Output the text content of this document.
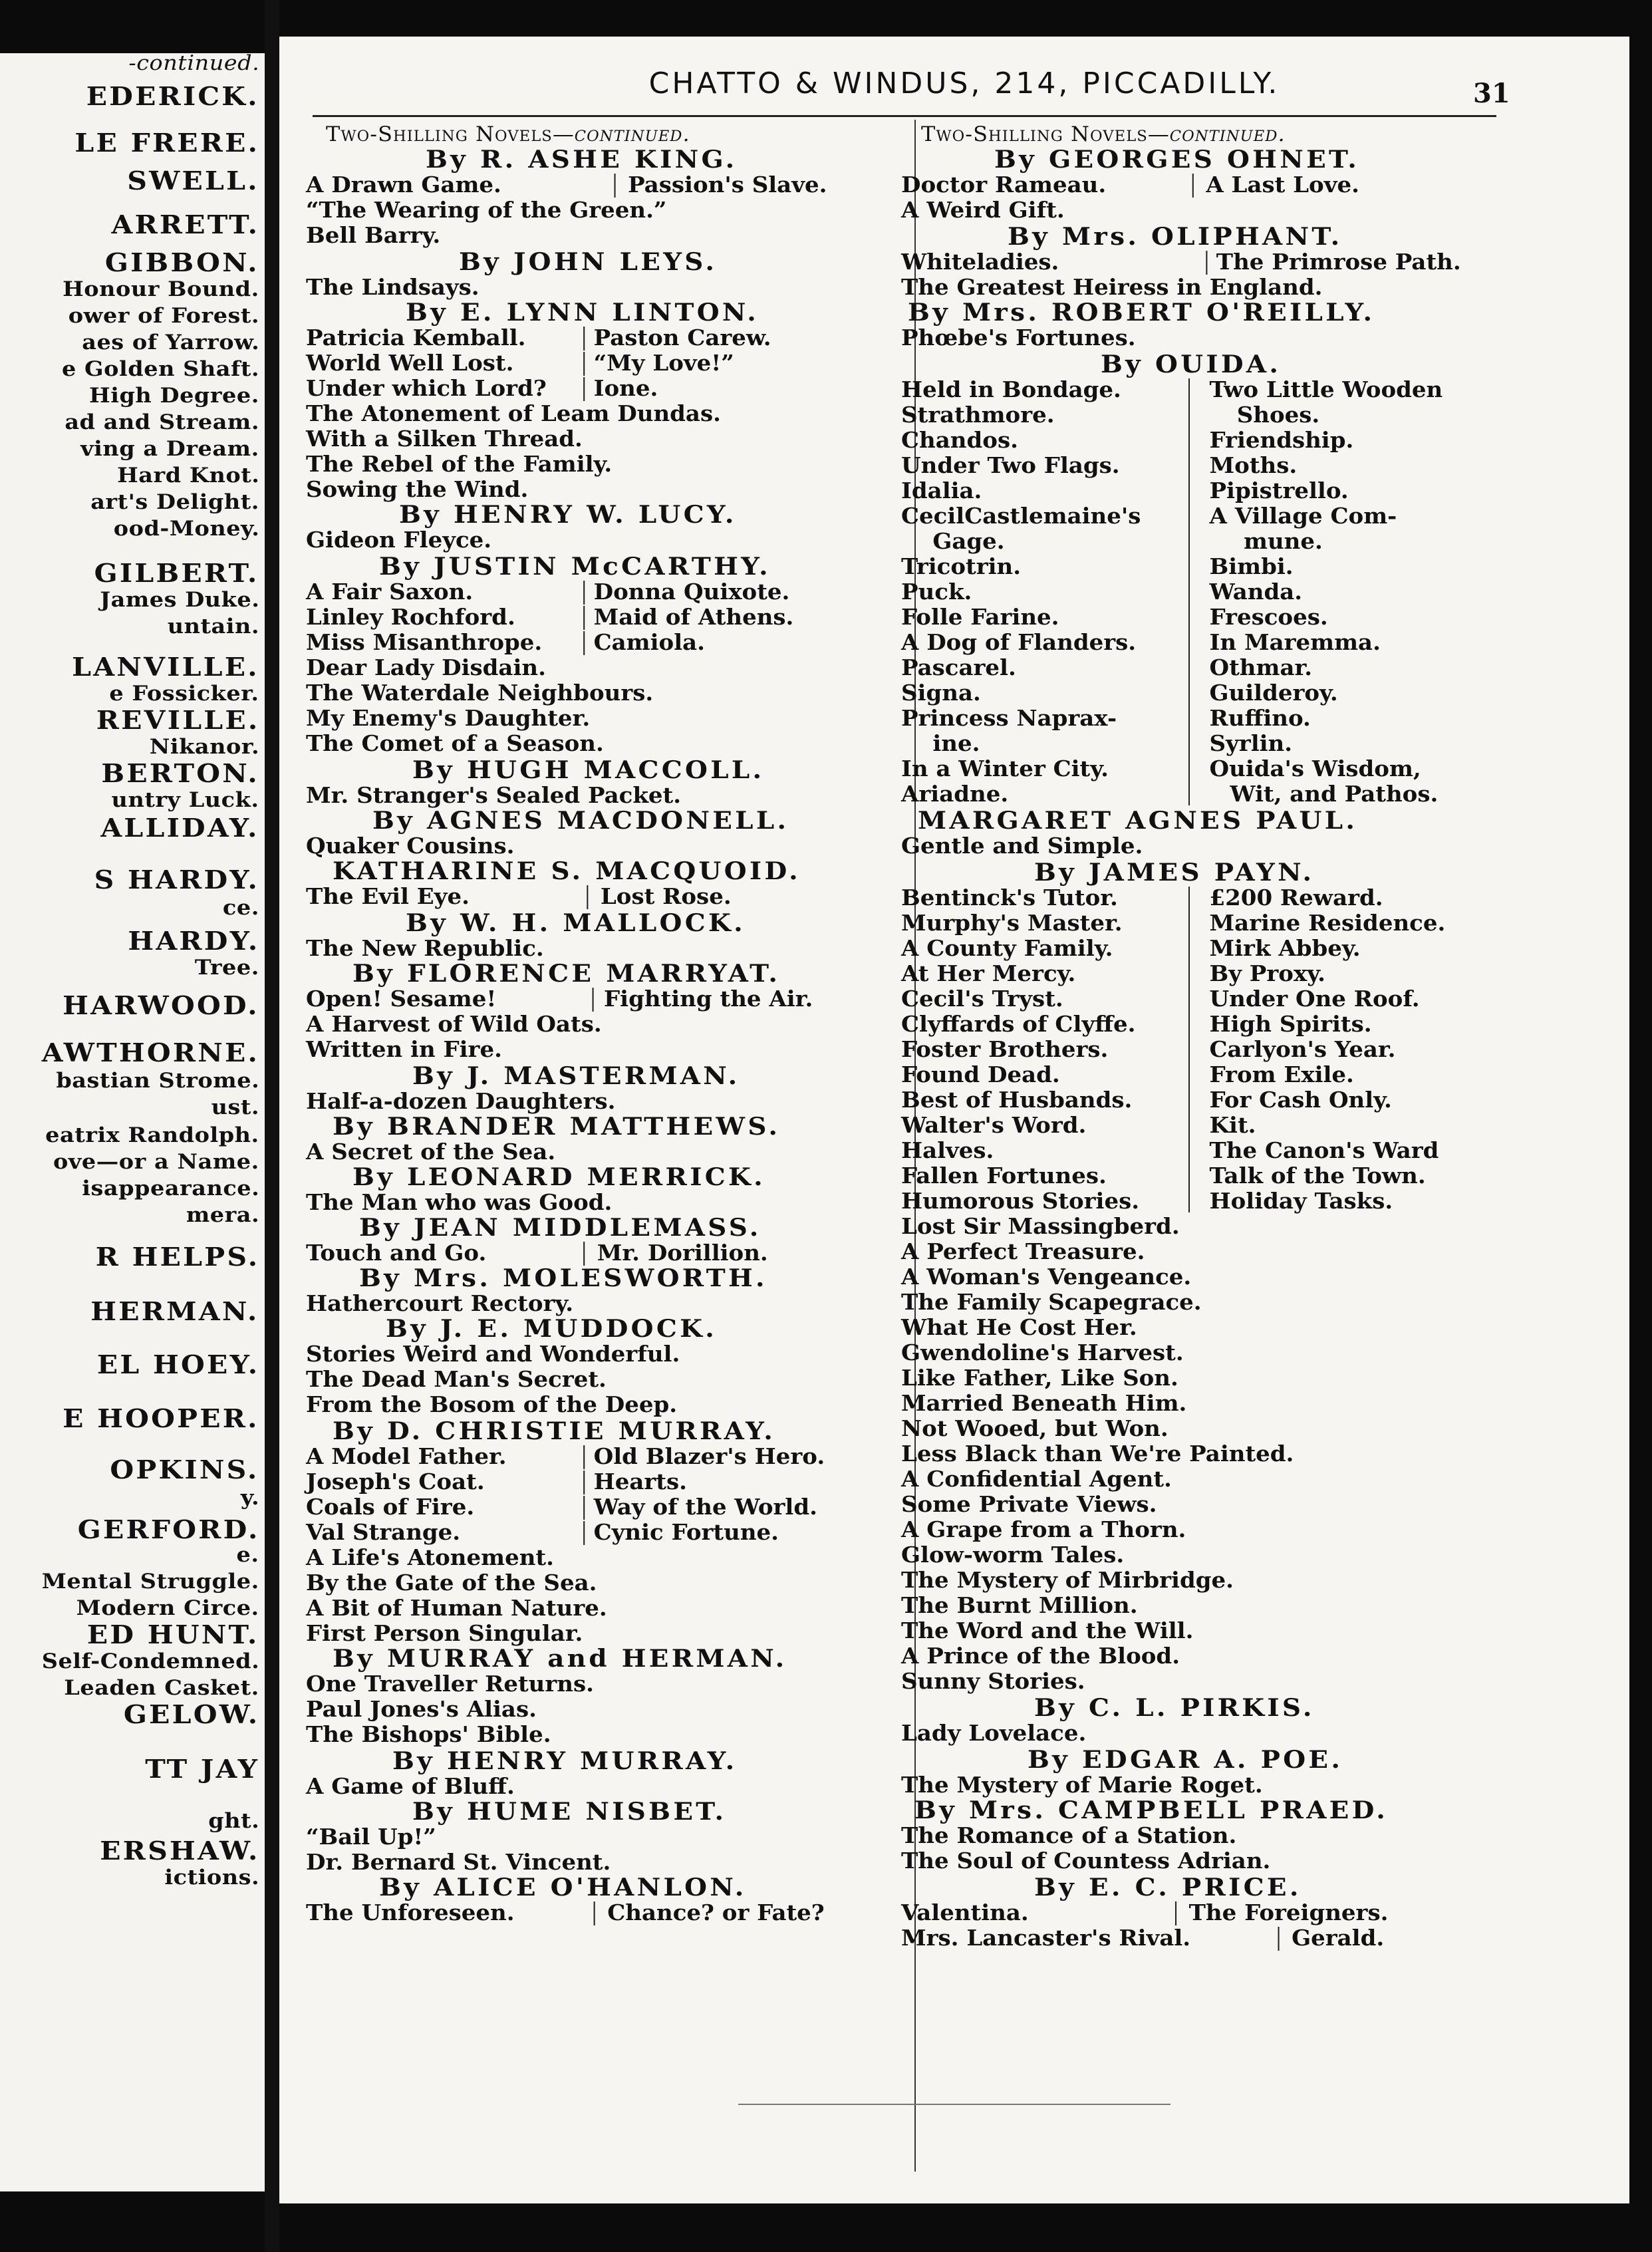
-continued.
EDERICK.
LE FRERE.
SWELL.
ARRETT.
GIBBON.
Honour Bound.
ower of Forest.
aes of Yarrow.
e Golden Shaft.
High Degree.
ad and Stream.
ving a Dream.
Hard Knot.
art's Delight.
ood-Money.
GILBERT.
James Duke.
untain.
LANVILLE.
e Fossicker.
REVILLE.
Nikanor.
BERTON.
untry Luck.
ALLIDAY.
S HARDY.
ce.
HARDY.
Tree.
HARWOOD.
AWTHORNE.
bastian Strome.
ust.
eatrix Randolph.
ove—or a Name.
isappearance.
mera.
R HELPS.
HERMAN.
EL HOEY.
E HOOPER.
OPKINS.
y.
GERFORD.
e.
Mental Struggle.
Modern Circe.
ED HUNT.
Self-Condemned.
Leaden Casket.
GELOW.
TT JAY
ght.
ERSHAW.
ictions.
CHATTO & WINDUS, 214, PICCADILLY.	31
Two-Shilling Novels—continued.
By R. ASHE KING.
A Drawn Game.	Passion's Slave.
“The Wearing of the Green.”
Bell Barry.
By JOHN LEYS.
The Lindsays.
By E. LYNN LINTON.
Patricia Kemball.	Paston Carew.
World Well Lost.	“My Love!”
Under which Lord? Ione.
The Atonement of Leam Dundas.
With a Silken Thread.
The Rebel of the Family.
Sowing the Wind.
By HENRY W. LUCY.
Gideon Fleyce.
By JUSTIN McCARTHY.
A Fair Saxon.	Donna Quixote.
Linley Rochford.	Maid of Athens.
Miss Misanthrope. Camiola.
Dear Lady Disdain.
The Waterdale Neighbours.
My Enemy's Daughter.
The Comet of a Season.
By HUGH MACCOLL.
Mr. Stranger's Sealed Packet.
By AGNES MACDONELL.
Quaker Cousins.
KATHARINE S. MACQUOID.
The Evil Eye.	Lost Rose.
By W. H. MALLOCK.
The New Republic.
By FLORENCE MARRYAT.
Open! Sesame!	Fighting the Air.
A Harvest of Wild Oats.
Written in Fire.
By J. MASTERMAN.
Half-a-dozen Daughters.
By BRANDER MATTHEWS.
A Secret of the Sea.
By LEONARD MERRICK.
The Man who was Good.
By JEAN MIDDLEMASS.
Touch and Go.	Mr. Dorillion.
By Mrs. MOLESWORTH.
Hathercourt Rectory.
By J. E. MUDDOCK.
Stories Weird and Wonderful.
The Dead Man's Secret.
From the Bosom of the Deep.
By D. CHRISTIE MURRAY.
A Model Father.	Old Blazer's Hero.
Joseph's Coat.	Hearts.
Coals of Fire.	Way of the World.
Val Strange.	Cynic Fortune.
A Life's Atonement.
By the Gate of the Sea.
A Bit of Human Nature.
First Person Singular.
By MURRAY and HERMAN.
One Traveller Returns.
Paul Jones's Alias.
The Bishops' Bible.
By HENRY MURRAY.
A Game of Bluff.
By HUME NISBET.
“Bail Up!”
Dr. Bernard St. Vincent.
By ALICE O'HANLON.
The Unforeseen.	Chance? or Fate?
Two-Shilling Novels—continued.
By GEORGES OHNET.
Doctor Rameau.	A Last Love.
A Weird Gift.
By Mrs. OLIPHANT.
Whiteladies.	The Primrose Path.
The Greatest Heiress in England.
By Mrs. ROBERT O'REILLY.
Phœbe's Fortunes.
By OUIDA.
Held in Bondage.	Two Little Wooden
Strathmore.	Shoes.
Chandos.	Friendship.
Under Two Flags.	Moths.
Idalia.	Pipistrello.
CecilCastlemaine's	A Village Com-
Gage.	mune.
Tricotrin.	Bimbi.
Puck.	Wanda.
Folle Farine.	Frescoes.
A Dog of Flanders.	In Maremma.
Pascarel.	Othmar.
Signa.	Guilderoy.
Princess Naprax-	Ruffino.
ine.	Syrlin.
In a Winter City.	Ouida's Wisdom,
Ariadne.	Wit, and Pathos.
MARGARET AGNES PAUL.
Gentle and Simple.
By JAMES PAYN.
Bentinck's Tutor.	£200 Reward.
Murphy's Master.	Marine Residence.
A County Family.	Mirk Abbey.
At Her Mercy.	By Proxy.
Cecil's Tryst.	Under One Roof.
Clyffards of Clyffe.	High Spirits.
Foster Brothers.	Carlyon's Year.
Found Dead.	From Exile.
Best of Husbands.	For Cash Only.
Walter's Word.	Kit.
Halves.	The Canon's Ward
Fallen Fortunes.	Talk of the Town.
Humorous Stories.	Holiday Tasks.
Lost Sir Massingberd.
A Perfect Treasure.
A Woman's Vengeance.
The Family Scapegrace.
What He Cost Her.
Gwendoline's Harvest.
Like Father, Like Son.
Married Beneath Him.
Not Wooed, but Won.
Less Black than We're Painted.
A Confidential Agent.
Some Private Views.
A Grape from a Thorn.
Glow-worm Tales.
The Mystery of Mirbridge.
The Burnt Million.
The Word and the Will.
A Prince of the Blood.
Sunny Stories.
By C. L. PIRKIS.
Lady Lovelace.
By EDGAR A. POE.
The Mystery of Marie Roget.
By Mrs. CAMPBELL PRAED.
The Romance of a Station.
The Soul of Countess Adrian.
By E. C. PRICE.
Valentina.	The Foreigners.
Mrs. Lancaster's Rival.	Gerald.
